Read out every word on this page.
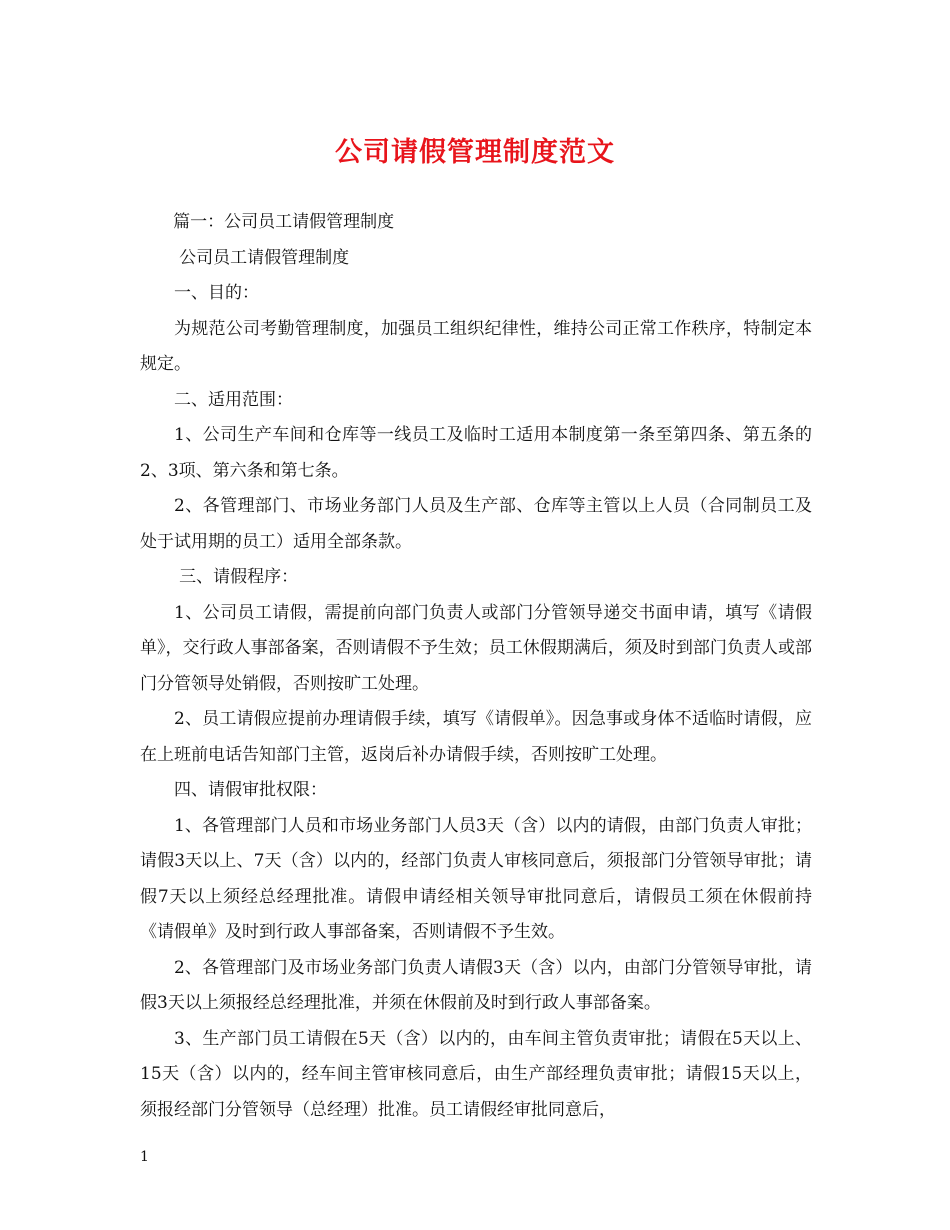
公司请假管理制度范文

篇一：公司员工请假管理制度

公司员工请假管理制度

一、目的：

为规范公司考勤管理制度，加强员工组织纪律性，维持公司正常工作秩序，特制定本规定。

二、适用范围：

1、公司生产车间和仓库等一线员工及临时工适用本制度第一条至第四条、第五条的2、3项、第六条和第七条。

2、各管理部门、市场业务部门人员及生产部、仓库等主管以上人员（合同制员工及处于试用期的员工）适用全部条款。

三、请假程序：

1、公司员工请假，需提前向部门负责人或部门分管领导递交书面申请，填写《请假单》，交行政人事部备案，否则请假不予生效；员工休假期满后，须及时到部门负责人或部门分管领导处销假，否则按旷工处理。

2、员工请假应提前办理请假手续，填写《请假单》。因急事或身体不适临时请假，应在上班前电话告知部门主管，返岗后补办请假手续，否则按旷工处理。

四、请假审批权限：

1、各管理部门人员和市场业务部门人员3天（含）以内的请假，由部门负责人审批；请假3天以上、7天（含）以内的，经部门负责人审核同意后，须报部门分管领导审批；请假7天以上须经总经理批准。请假申请经相关领导审批同意后，请假员工须在休假前持《请假单》及时到行政人事部备案，否则请假不予生效。

2、各管理部门及市场业务部门负责人请假3天（含）以内，由部门分管领导审批，请假3天以上须报经总经理批准，并须在休假前及时到行政人事部备案。

3、生产部门员工请假在5天（含）以内的，由车间主管负责审批；请假在5天以上、15天（含）以内的，经车间主管审核同意后，由生产部经理负责审批；请假15天以上，须报经部门分管领导（总经理）批准。员工请假经审批同意后，

1
